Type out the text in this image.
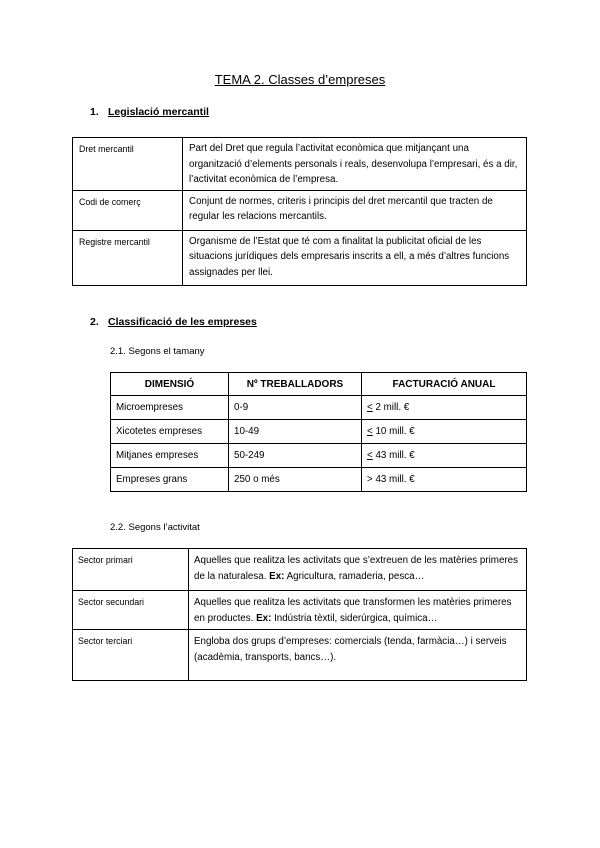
TEMA 2. Classes d’empreses
1. Legislació mercantil
Dret mercantil	Part del Dret que regula l’activitat econòmica que mitjançant una organització d’elements personals i reals, desenvolupa l’empresari, és a dir, l’activitat econòmica de l’empresa.
Codi de comerç	Conjunt de normes, criteris i principis del dret mercantil que tracten de regular les relacions mercantils.
Registre mercantil	Organisme de l’Estat que té com a finalitat la publicitat oficial de les situacions jurídiques dels empresaris inscrits a ell, a més d’altres funcions assignades per llei.
2. Classificació de les empreses
2.1. Segons el tamany
DIMENSIÓ	Nº TREBALLADORS	FACTURACIÓ ANUAL
Microempreses	0-9	< 2 mill. €
Xicotetes empreses	10-49	< 10 mill. €
Mitjanes empreses	50-249	< 43 mill. €
Empreses grans	250 o més	> 43 mill. €
2.2. Segons l’activitat
Sector primari	Aquelles que realitza les activitats que s’extreuen de les matèries primeres de la naturalesa. Ex: Agricultura, ramaderia, pesca…
Sector secundari	Aquelles que realitza les activitats que transformen les matèries primeres en productes. Ex: Indústria tèxtil, siderúrgica, química…
Sector terciari	Engloba dos grups d’empreses: comercials (tenda, farmàcia…) i serveis (acadèmia, transports, bancs…).
